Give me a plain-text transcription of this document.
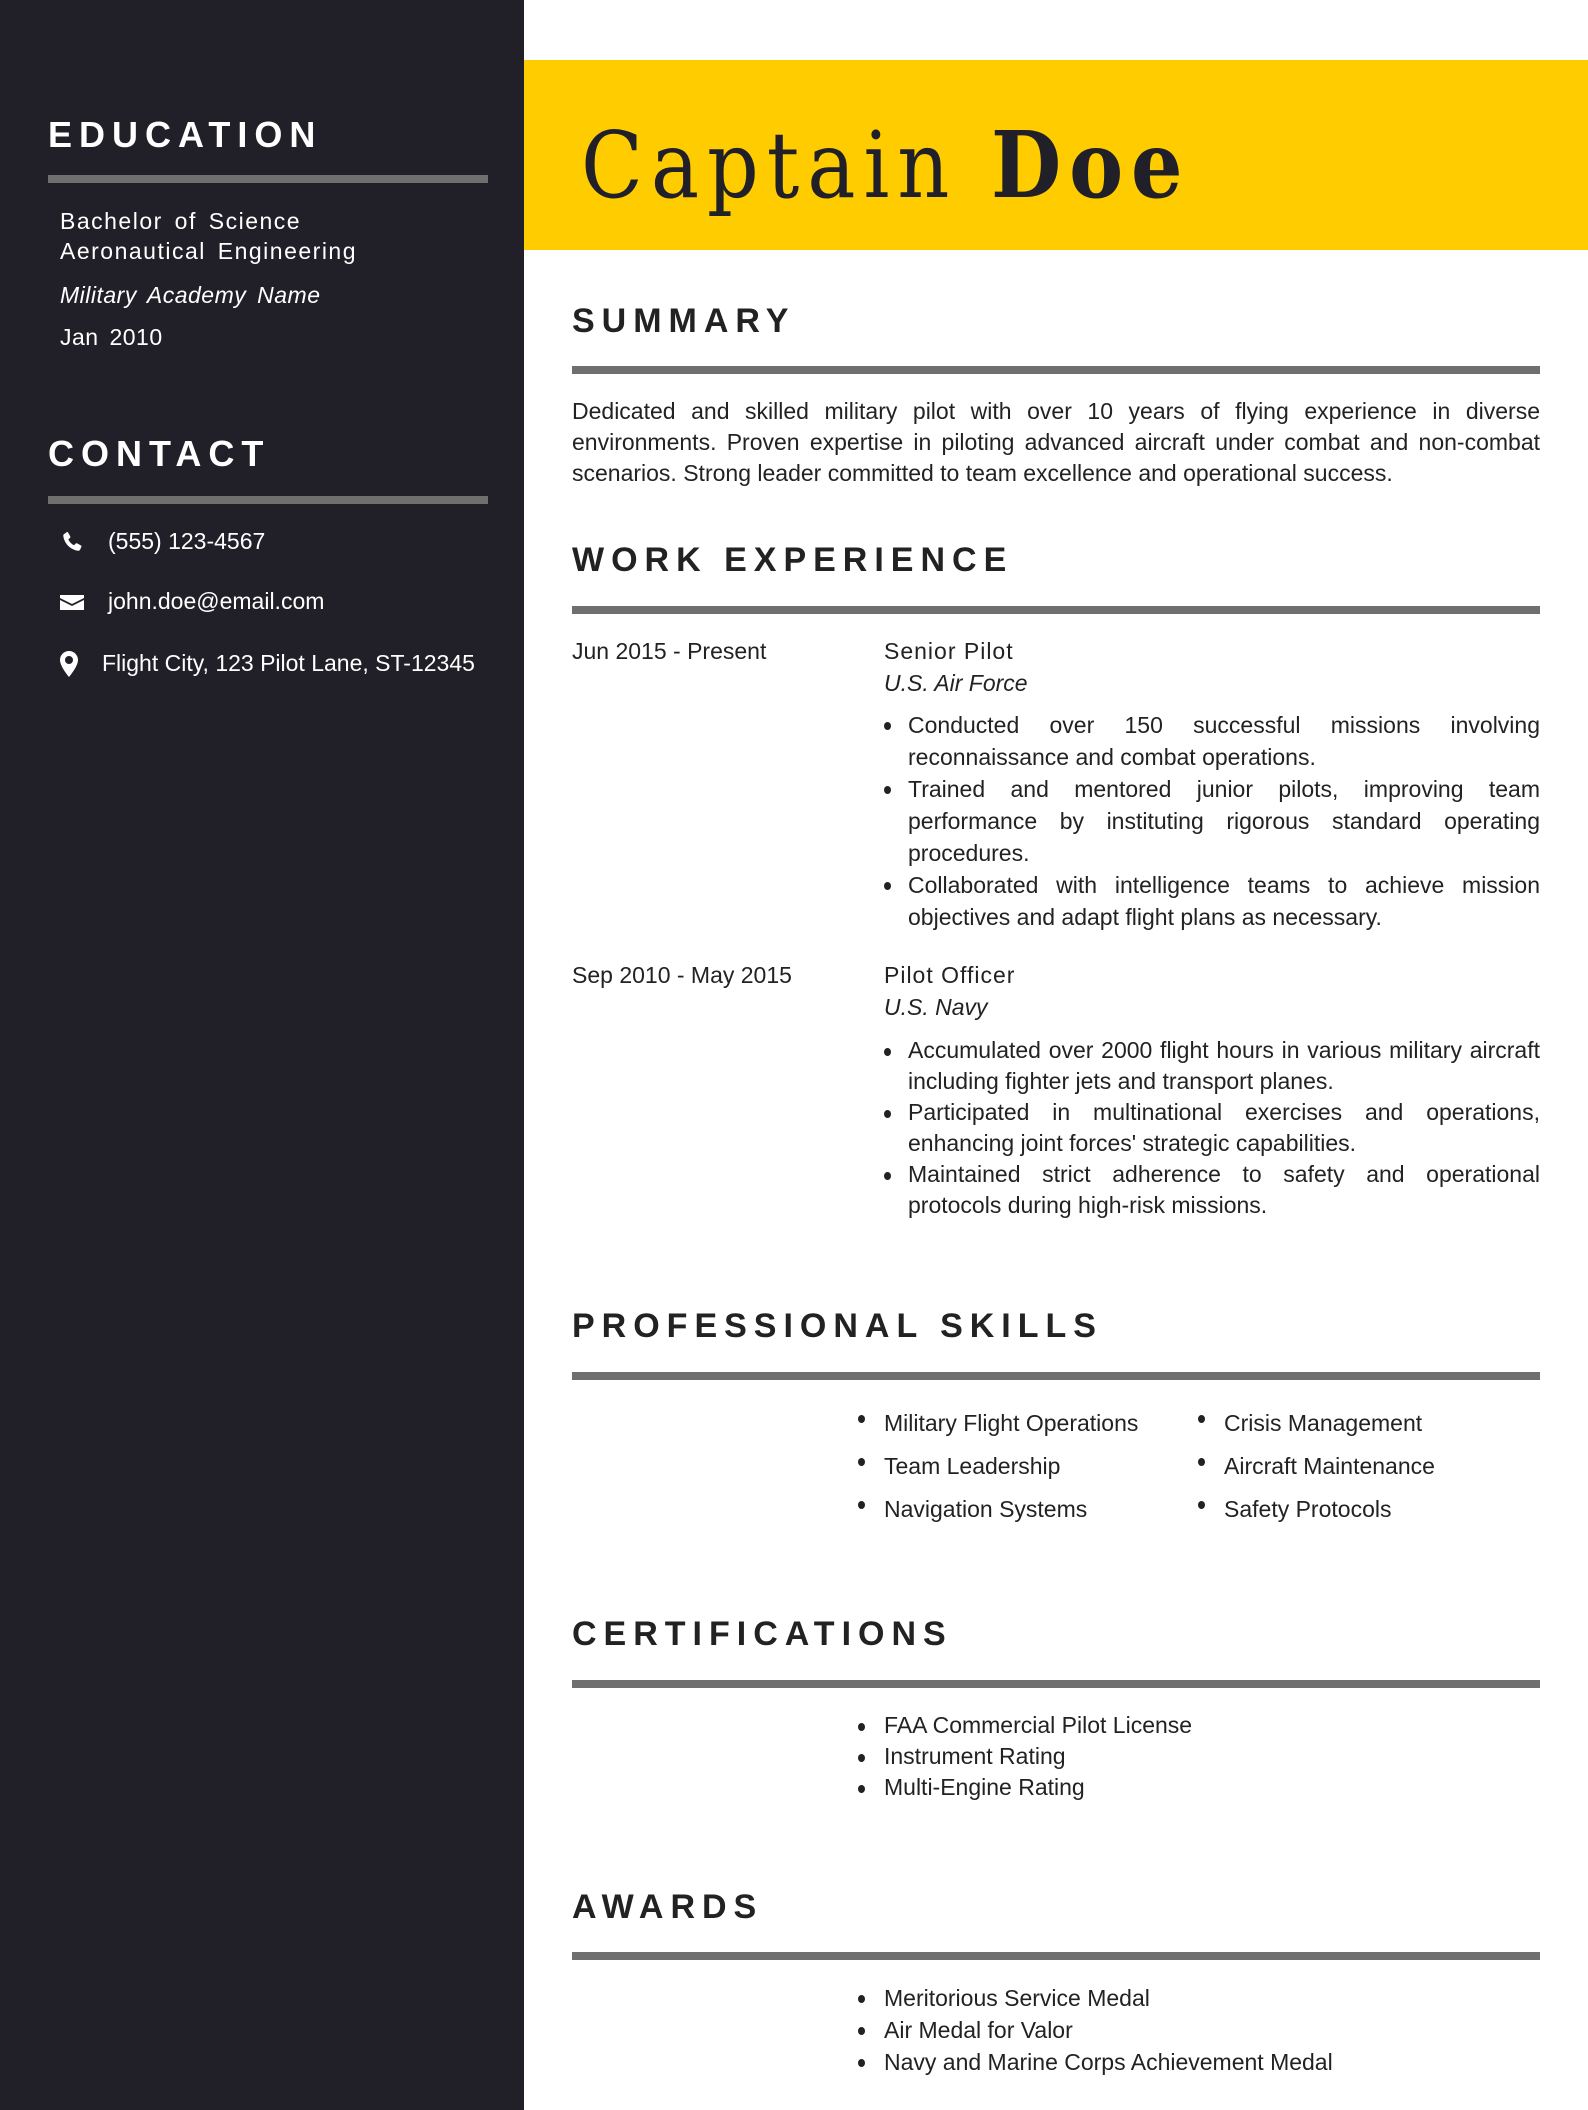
EDUCATION
Bachelor of Science
Aeronautical Engineering
Military Academy Name
Jan 2010
CONTACT
(555) 123-4567
john.doe@email.com
Flight City, 123 Pilot Lane, ST-12345
Captain Doe
SUMMARY
Dedicated and skilled military pilot with over 10 years of flying experience in diverse environments. Proven expertise in piloting advanced aircraft under combat and non-combat scenarios. Strong leader committed to team excellence and operational success.
WORK EXPERIENCE
Jun 2015 - Present	Senior Pilot
U.S. Air Force
Conducted over 150 successful missions involving reconnaissance and combat operations.
Trained and mentored junior pilots, improving team performance by instituting rigorous standard operating procedures.
Collaborated with intelligence teams to achieve mission objectives and adapt flight plans as necessary.
Sep 2010 - May 2015	Pilot Officer
U.S. Navy
Accumulated over 2000 flight hours in various military aircraft including fighter jets and transport planes.
Participated in multinational exercises and operations, enhancing joint forces' strategic capabilities.
Maintained strict adherence to safety and operational protocols during high-risk missions.
PROFESSIONAL SKILLS
Military Flight Operations
Team Leadership
Navigation Systems
Crisis Management
Aircraft Maintenance
Safety Protocols
CERTIFICATIONS
FAA Commercial Pilot License
Instrument Rating
Multi-Engine Rating
AWARDS
Meritorious Service Medal
Air Medal for Valor
Navy and Marine Corps Achievement Medal
